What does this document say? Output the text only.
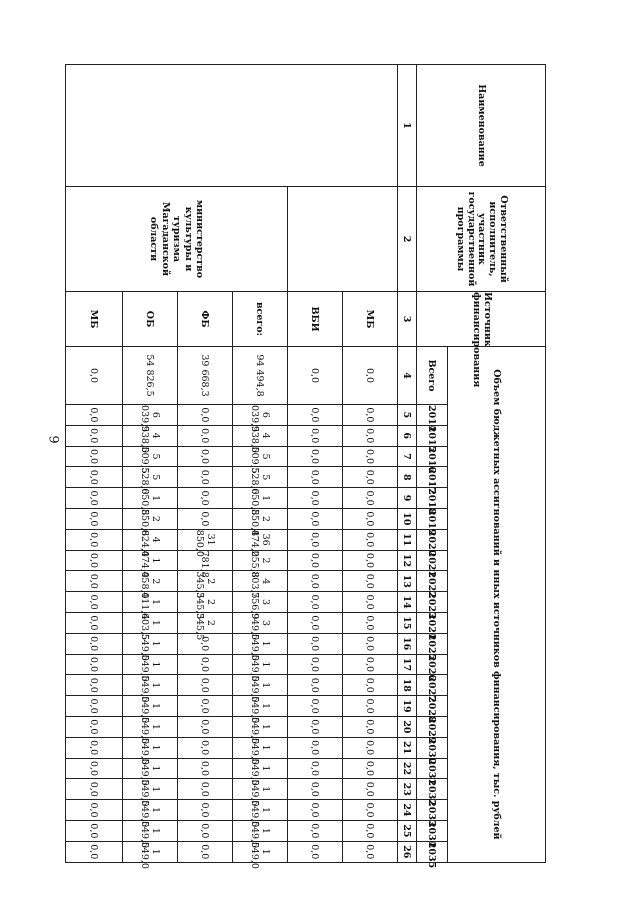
9
Наименование	Ответственный исполнитель, участник государственной программы	Источник финансирования	Объем бюджетных ассигнований и иных источников финансирования, тыс. рублей																						
			Всего	2014	2015	2016	2017	2018	2019	2020	2021	2022	2023	2024	2025	2026	2027	2028	2029	2030	2031	2032	2033	2034	2035
1	2	3	4	5	6	7	8	9	10	11	12	13	14	15	16	17	18	19	20	21	22	23	24	25	26
		МБ	0,0	0,0	0,0	0,0	0,0	0,0	0,0	0,0	0,0	0,0	0,0	0,0	0,0	0,0	0,0	0,0	0,0	0,0	0,0	0,0	0,0	0,0	0,0
		ВБИ	0,0	0,0	0,0	0,0	0,0	0,0	0,0	0,0	0,0	0,0	0,0	0,0	0,0	0,0	0,0	0,0	0,0	0,0	0,0	0,0	0,0	0,0	0,0
	министерство культуры и туризма Магаданской области	всего:	94 494,8	6 039,5	4 938,0	5 509,5	5 528,0	1 650,8	2 550,8	36 474,0	2 255,8	4 803,5	3 756,9	3 949,0	1 549,0	1 549,0	1 549,0	1 549,0	1 549,0	1 549,0	1 549,0	1 549,0	1 549,0	1 549,0	1 549,0
		ФБ	39 668,3	0,0	0,0	0,0	0,0	0,0	0,0	31 850,0	781,8	2 345,5	2 345,5	2 345,5	0,0	0,0	0,0	0,0	0,0	0,0	0,0	0,0	0,0	0,0	0,0
		ОБ	54 826,5	6 039,5	4 938,0	5 509,5	5 528,0	1 650,8	2 550,8	4 624,0	1 474,0	2 458,0	1 411,4	1 603,5	1 549,0	1 549,0	1 549,0	1 549,0	1 549,0	1 549,0	1 549,0	1 549,0	1 549,0	1 549,0	1 549,0
		МБ	0,0	0,0	0,0	0,0	0,0	0,0	0,0	0,0	0,0	0,0	0,0	0,0	0,0	0,0	0,0	0,0	0,0	0,0	0,0	0,0	0,0	0,0	0,0
